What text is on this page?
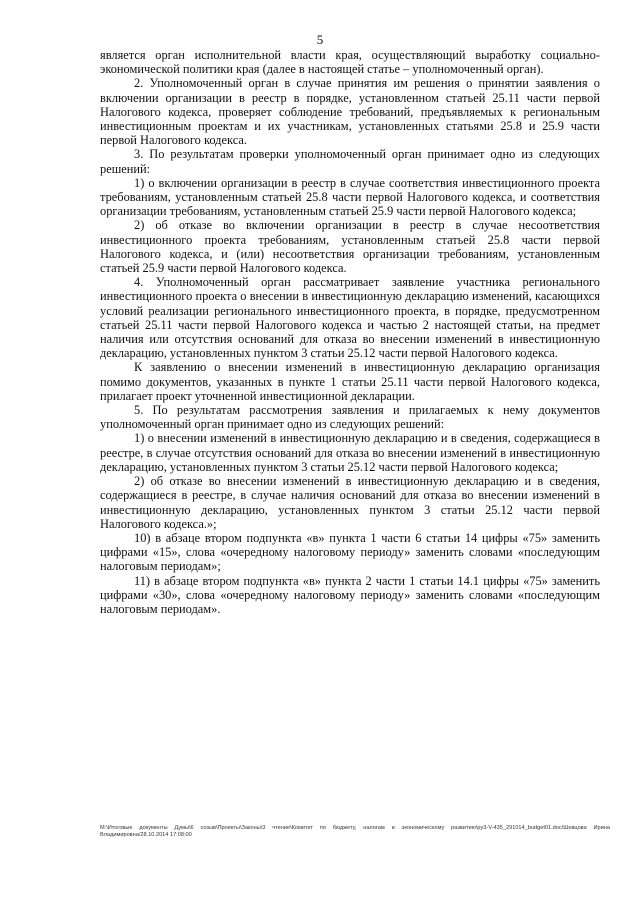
5

является орган исполнительной власти края, осуществляющий выработку социально-экономической политики края (далее в настоящей статье – уполномоченный орган).

2. Уполномоченный орган в случае принятия им решения о принятии заявления о включении организации в реестр в порядке, установленном статьей 25.11 части первой Налогового кодекса, проверяет соблюдение требований, предъявляемых к региональным инвестиционным проектам и их участникам, установленных статьями 25.8 и 25.9 части первой Налогового кодекса.

3. По результатам проверки уполномоченный орган принимает одно из следующих решений:

1) о включении организации в реестр в случае соответствия инвестиционного проекта требованиям, установленным статьей 25.8 части первой Налогового кодекса, и соответствия организации требованиям, установленным статьей 25.9 части первой Налогового кодекса;

2) об отказе во включении организации в реестр в случае несоответствия инвестиционного проекта требованиям, установленным статьей 25.8 части первой Налогового кодекса, и (или) несоответствия организации требованиям, установленным статьей 25.9 части первой Налогового кодекса.

4. Уполномоченный орган рассматривает заявление участника регионального инвестиционного проекта о внесении в инвестиционную декларацию изменений, касающихся условий реализации регионального инвестиционного проекта, в порядке, предусмотренном статьей 25.11 части первой Налогового кодекса и частью 2 настоящей статьи, на предмет наличия или отсутствия оснований для отказа во внесении изменений в инвестиционную декларацию, установленных пунктом 3 статьи 25.12 части первой Налогового кодекса.

К заявлению о внесении изменений в инвестиционную декларацию организация помимо документов, указанных в пункте 1 статьи 25.11 части первой Налогового кодекса, прилагает проект уточненной инвестиционной декларации.

5. По результатам рассмотрения заявления и прилагаемых к нему документов уполномоченный орган принимает одно из следующих решений:

1) о внесении изменений в инвестиционную декларацию и в сведения, содержащиеся в реестре, в случае отсутствия оснований для отказа во внесении изменений в инвестиционную декларацию, установленных пунктом 3 статьи 25.12 части первой Налогового кодекса;

2) об отказе во внесении изменений в инвестиционную декларацию и в сведения, содержащиеся в реестре, в случае наличия оснований для отказа во внесении изменений в инвестиционную декларацию, установленных пунктом 3 статьи 25.12 части первой Налогового кодекса.»;

10) в абзаце втором подпункта «в» пункта 1 части 6 статьи 14 цифры «75» заменить цифрами «15», слова «очередному налоговому периоду» заменить словами «последующим налоговым периодам»;

11) в абзаце втором подпункта «в» пункта 2 части 1 статьи 14.1 цифры «75» заменить цифрами «30», слова «очередному налоговому периоду» заменить словами «последующим налоговым периодам».

M:\Итоговые документы Думы\6 созыв\Проекты\Законы\3 чтение\Комитет по бюджету, налогам и экономическому развитию\ру3-V-435_291014_budget01.doc/Шевцова Ирина Владимировна/28.10.2014 17:08:00
